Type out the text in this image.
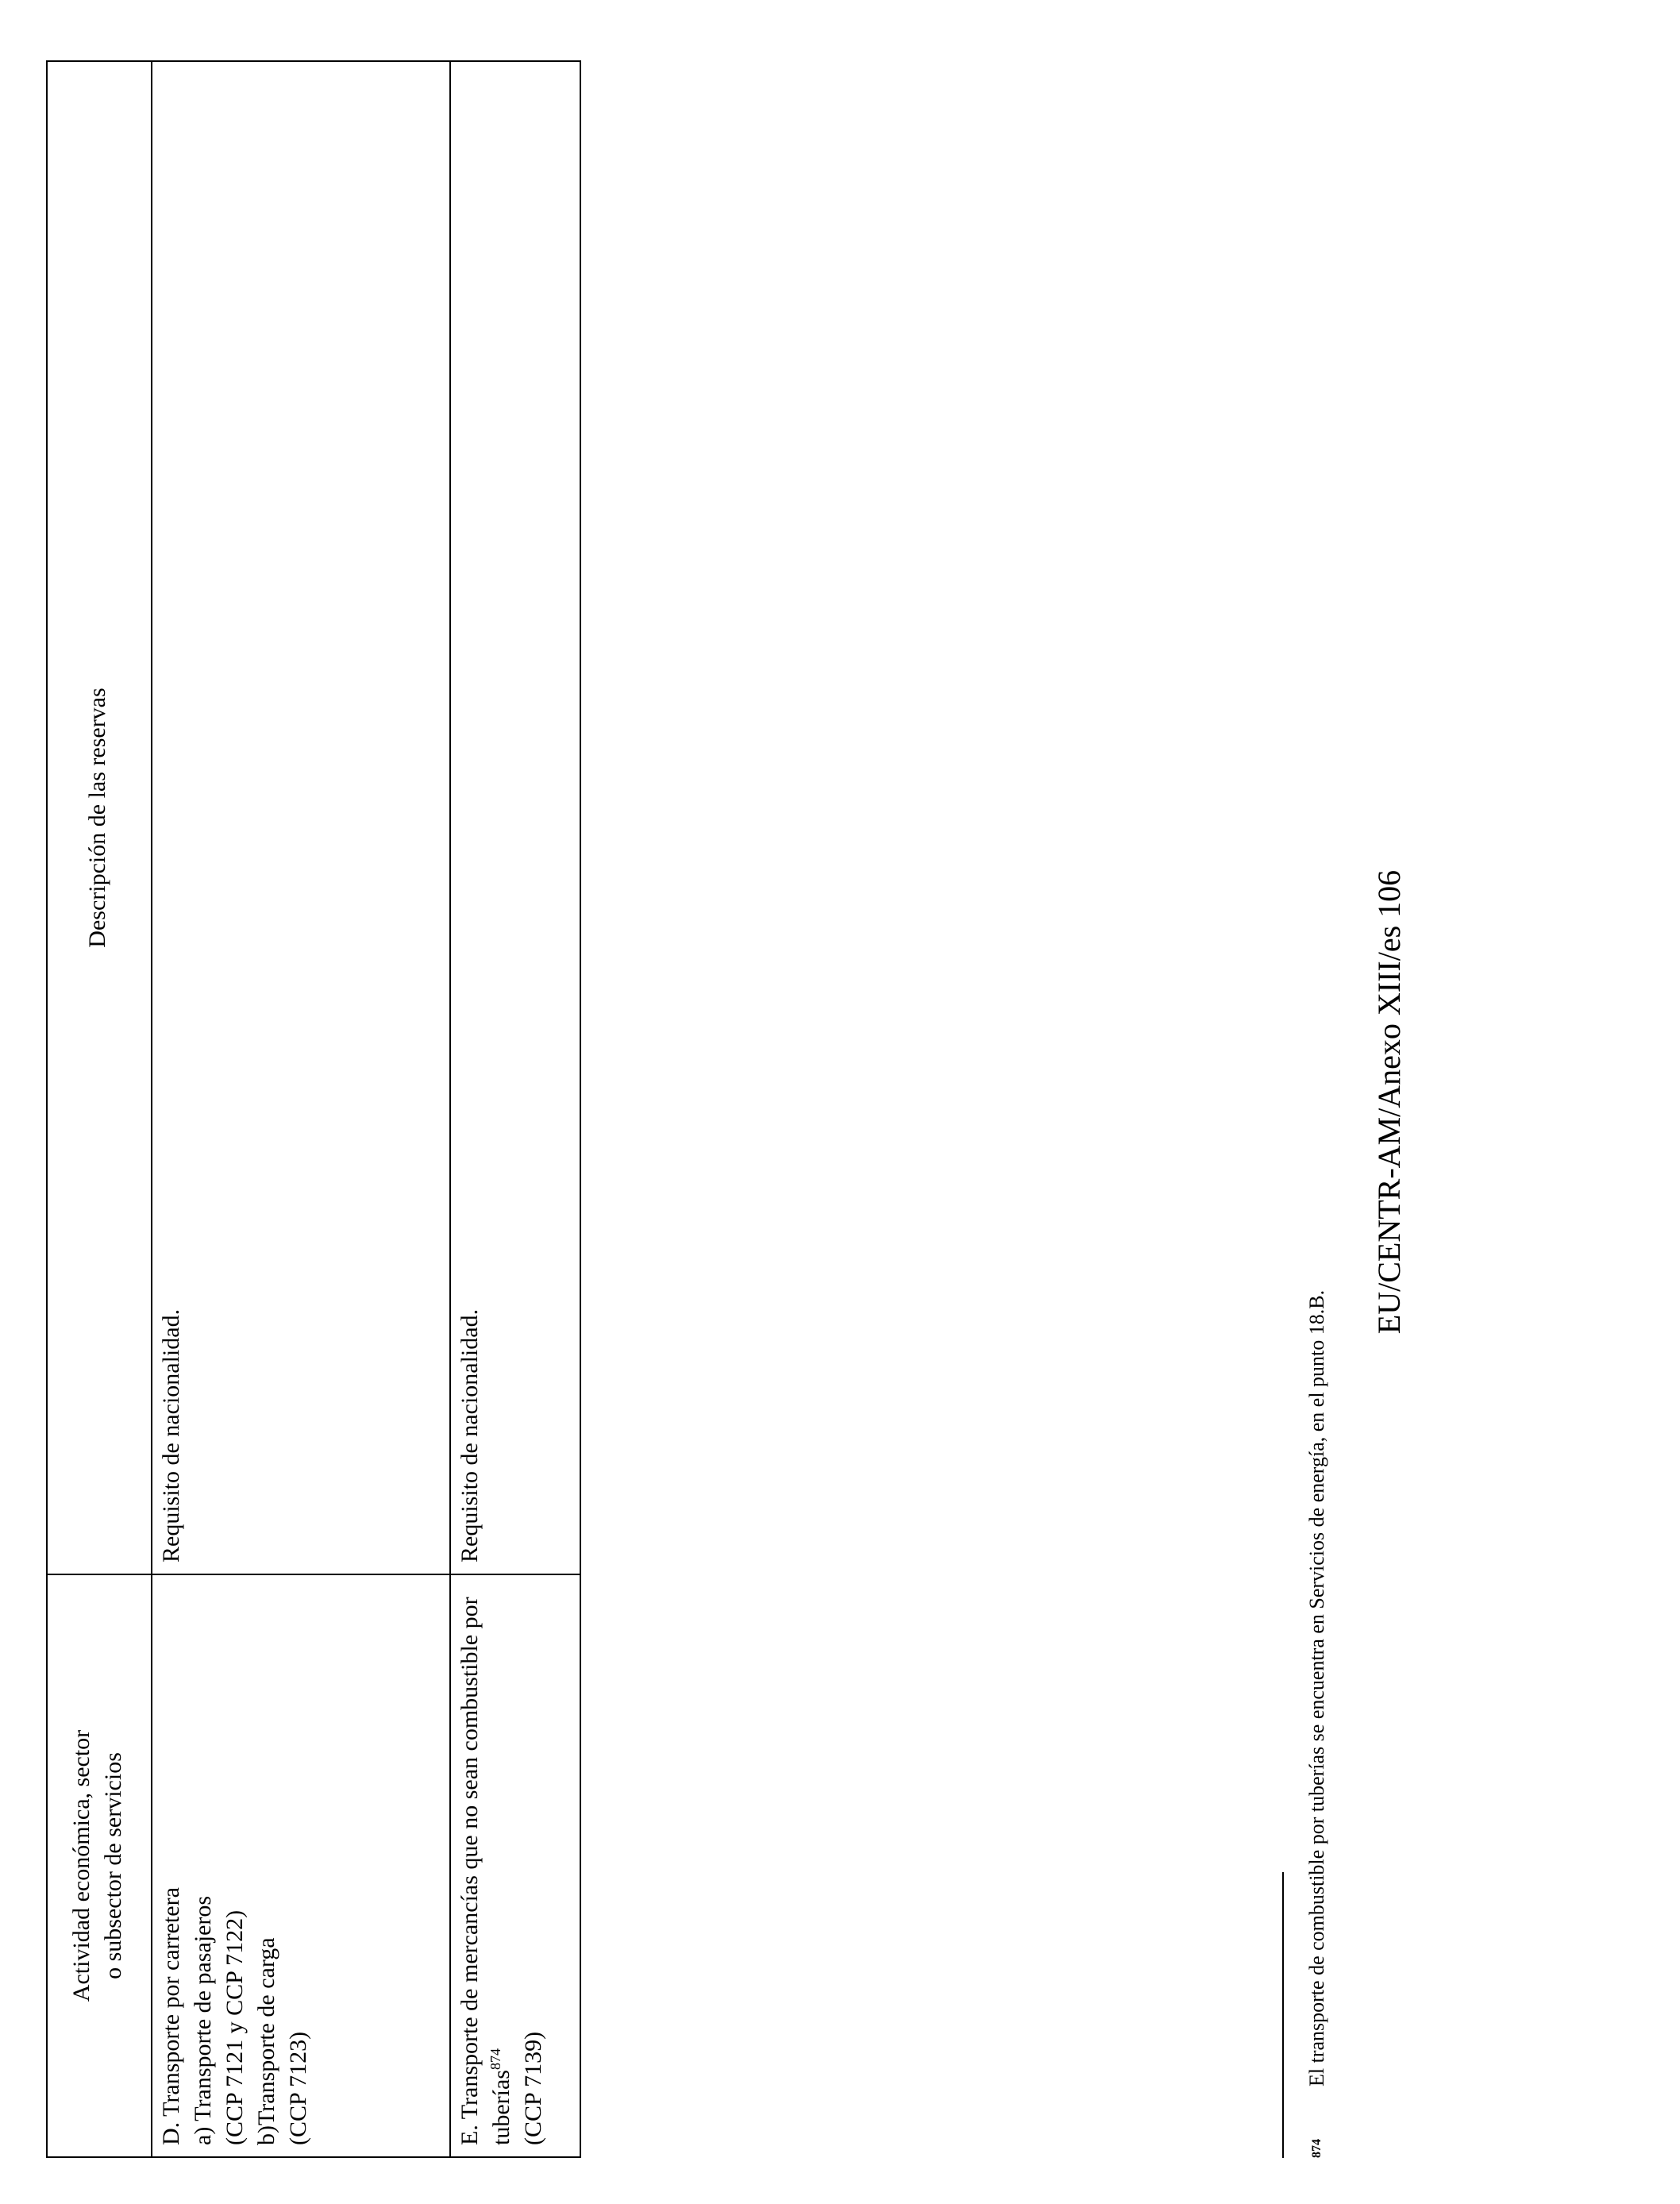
Actividad económica, sector o subsector de servicios	Descripción de las reservas

D. Transporte por carretera a) Transporte de pasajeros (CCP 7121 y CCP 7122) b)Transporte de carga (CCP 7123)	Requisito de nacionalidad.
E. Transporte de mercancías que no sean combustible por tuberías$^{874}$ (CCP 7139)	Requisito de nacionalidad.
874El transporte de combustible por tuberías se encuentra en Servicios de energía, en el punto 18.B.
EU/CENTR-AM/Anexo XIII/es 106
